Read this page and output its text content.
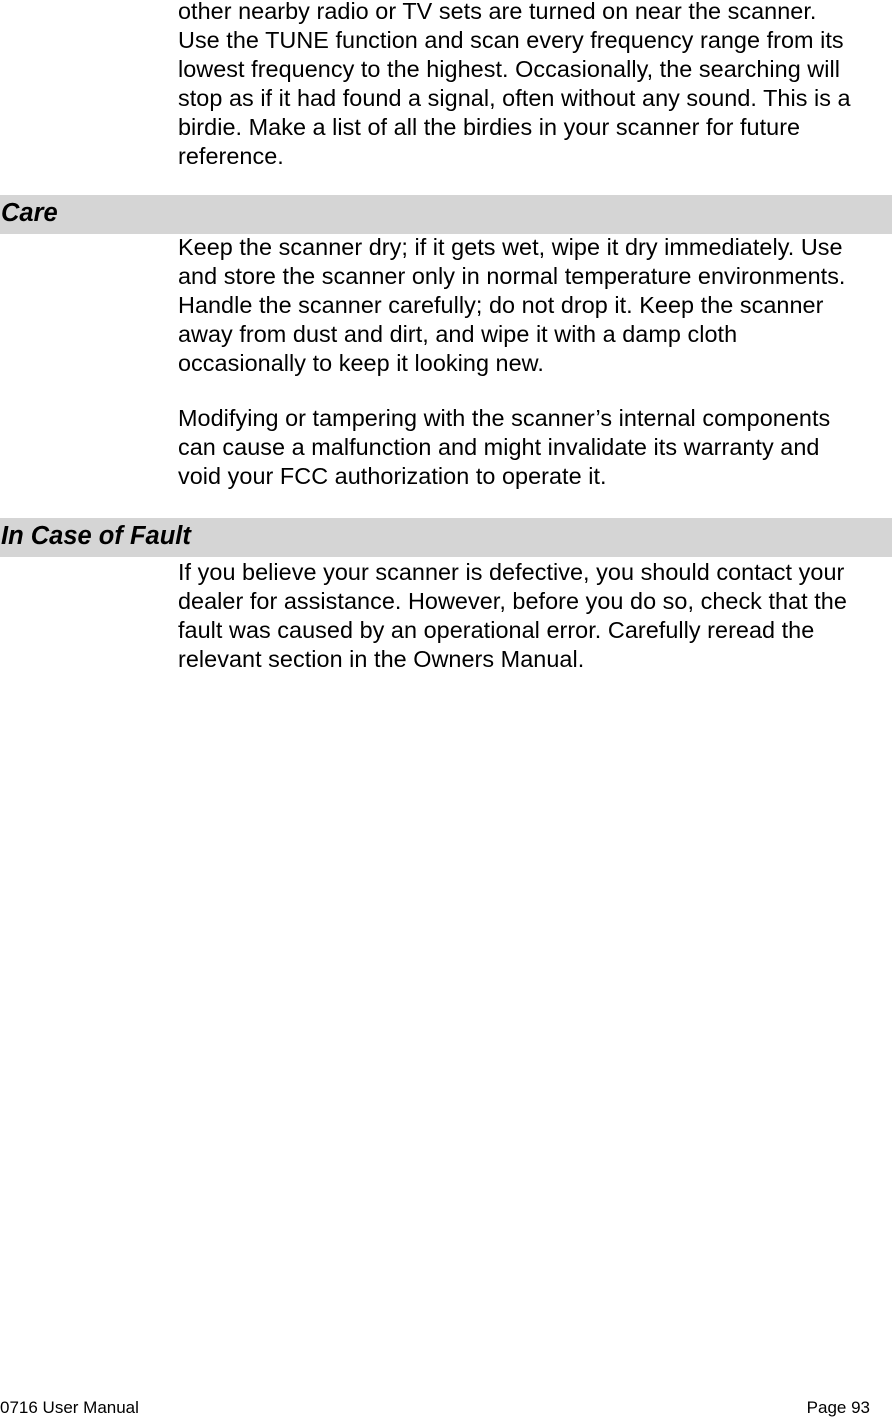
other nearby radio or TV sets are turned on near the scanner.
Use the TUNE function and scan every frequency range from its
lowest frequency to the highest. Occasionally, the searching will
stop as if it had found a signal, often without any sound. This is a
birdie. Make a list of all the birdies in your scanner for future
reference.
Care
Keep the scanner dry; if it gets wet, wipe it dry immediately. Use
and store the scanner only in normal temperature environments.
Handle the scanner carefully; do not drop it. Keep the scanner
away from dust and dirt, and wipe it with a damp cloth
occasionally to keep it looking new.
Modifying or tampering with the scanner’s internal components
can cause a malfunction and might invalidate its warranty and
void your FCC authorization to operate it.
In Case of Fault
If you believe your scanner is defective, you should contact your
dealer for assistance. However, before you do so, check that the
fault was caused by an operational error. Carefully reread the
relevant section in the Owners Manual.
0716 User Manual	Page 93
